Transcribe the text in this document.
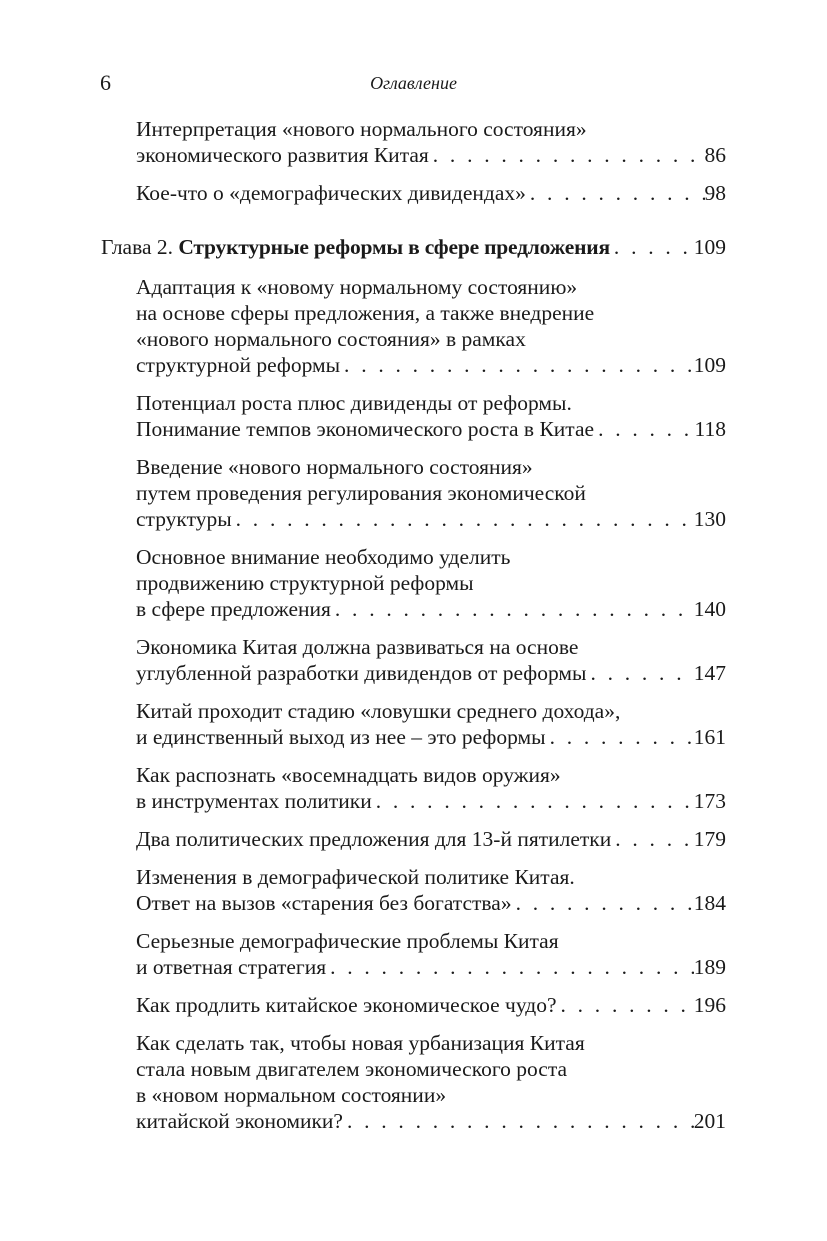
6	Оглавление
Интерпретация «нового нормального состояния»
экономического развития Китая . . .	86
Кое-что о «демографических дивидендах» . . .	98
Глава 2. Структурные реформы в сфере предложения . . .	109
Адаптация к «новому нормальному состоянию»
на основе сферы предложения, а также внедрение
«нового нормального состояния» в рамках
структурной реформы . . .	109
Потенциал роста плюс дивиденды от реформы.
Понимание темпов экономического роста в Китае . . .	118
Введение «нового нормального состояния»
путем проведения регулирования экономической
структуры . . .	130
Основное внимание необходимо уделить
продвижению структурной реформы
в сфере предложения . . .	140
Экономика Китая должна развиваться на основе
углубленной разработки дивидендов от реформы . . .	147
Китай проходит стадию «ловушки среднего дохода»,
и единственный выход из нее – это реформы . . .	161
Как распознать «восемнадцать видов оружия»
в инструментах политики . . .	173
Два политических предложения для 13-й пятилетки . . .	179
Изменения в демографической политике Китая.
Ответ на вызов «старения без богатства» . . .	184
Серьезные демографические проблемы Китая
и ответная стратегия . . .	189
Как продлить китайское экономическое чудо? . . .	196
Как сделать так, чтобы новая урбанизация Китая
стала новым двигателем экономического роста
в «новом нормальном состоянии»
китайской экономики? . . .	201
